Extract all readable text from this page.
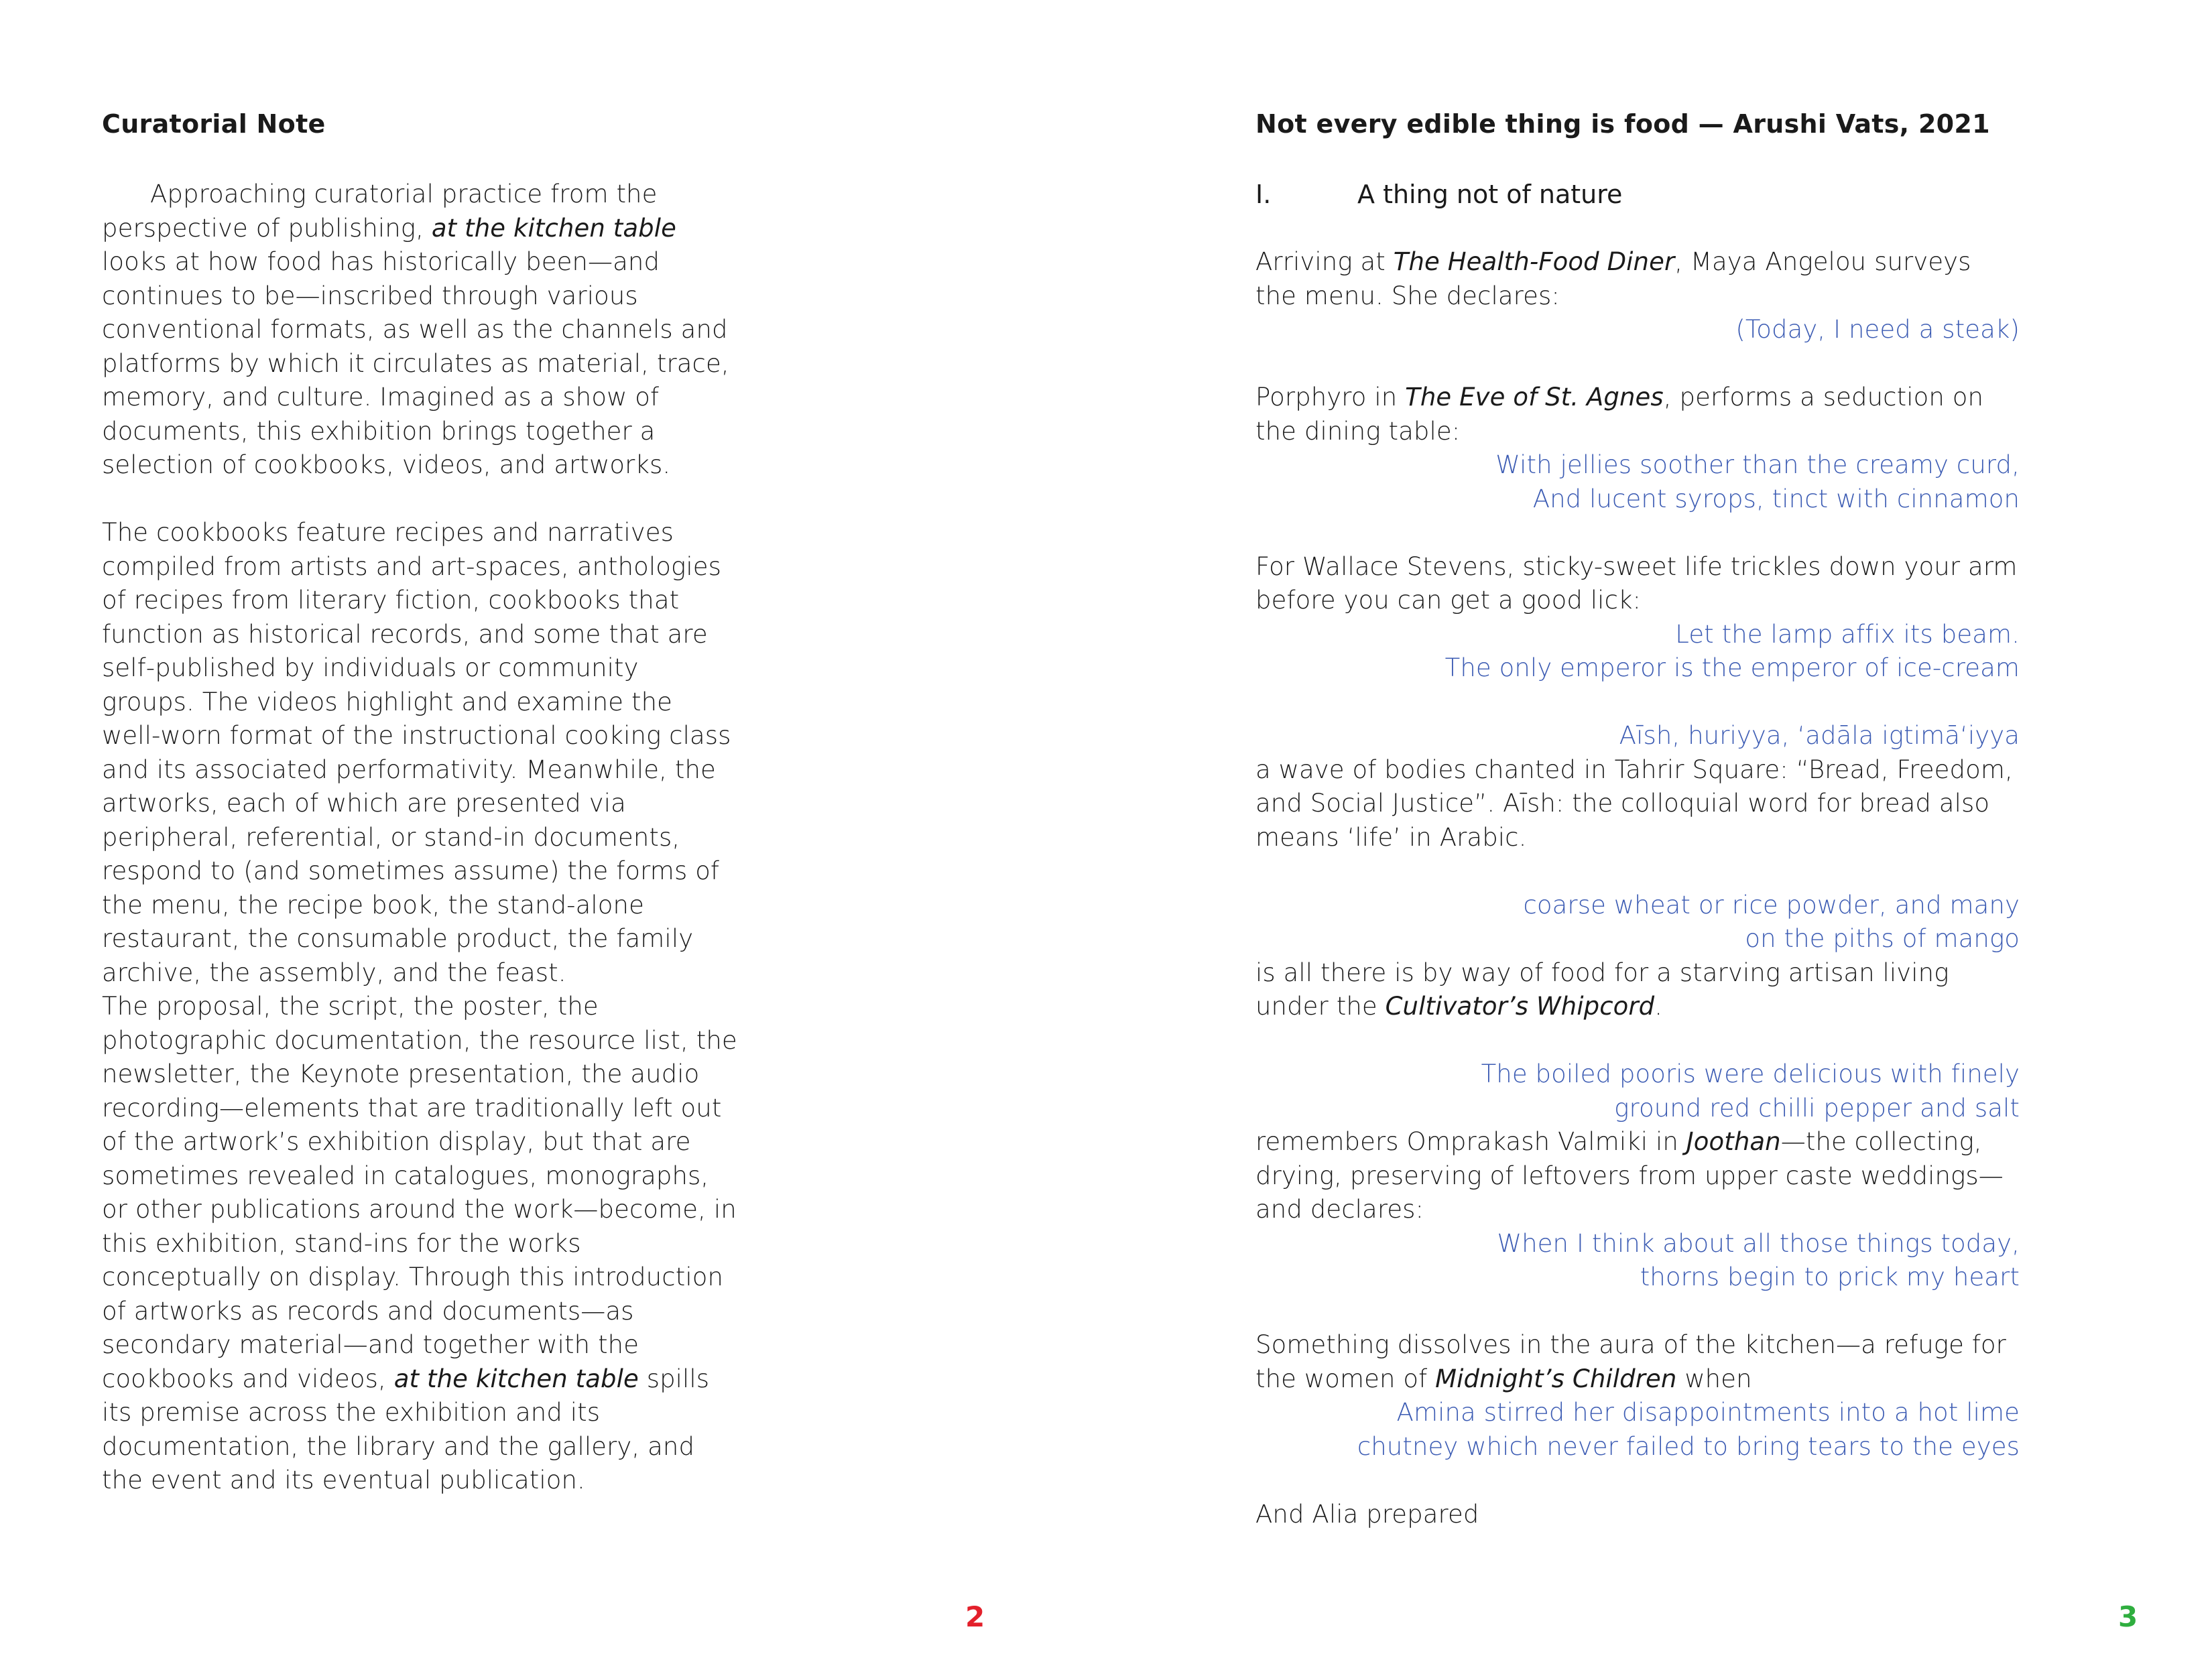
Curatorial Note

Approaching curatorial practice from the perspective of publishing, at the kitchen table looks at how food has historically been—and continues to be—inscribed through various conventional formats, as well as the channels and platforms by which it circulates as material, trace, memory, and culture. Imagined as a show of documents, this exhibition brings together a selection of cookbooks, videos, and artworks.

The cookbooks feature recipes and narratives compiled from artists and art-spaces, anthologies of recipes from literary fiction, cookbooks that function as historical records, and some that are self-published by individuals or community groups. The videos highlight and examine the well-worn format of the instructional cooking class and its associated performativity. Meanwhile, the artworks, each of which are presented via peripheral, referential, or stand-in documents, respond to (and sometimes assume) the forms of the menu, the recipe book, the stand-alone restaurant, the consumable product, the family archive, the assembly, and the feast.

The proposal, the script, the poster, the photographic documentation, the resource list, the newsletter, the Keynote presentation, the audio recording—elements that are traditionally left out of the artwork’s exhibition display, but that are sometimes revealed in catalogues, monographs, or other publications around the work—become, in this exhibition, stand-ins for the works conceptually on display. Through this introduction of artworks as records and documents—as secondary material—and together with the cookbooks and videos, at the kitchen table spills its premise across the exhibition and its documentation, the library and the gallery, and the event and its eventual publication.

Not every edible thing is food — Arushi Vats, 2021
I.	A thing not of nature

Arriving at The Health-Food Diner, Maya Angelou surveys the menu. She declares:

(Today, I need a steak)

Porphyro in The Eve of St. Agnes, performs a seduction on the dining table:

With jellies soother than the creamy curd,

And lucent syrops, tinct with cinnamon

For Wallace Stevens, sticky-sweet life trickles down your arm before you can get a good lick:

Let the lamp affix its beam.

The only emperor is the emperor of ice-cream

Aīsh, huriyya, ʻadāla igtimāʻiyya

a wave of bodies chanted in Tahrir Square: “Bread, Freedom, and Social Justice”. Aīsh: the colloquial word for bread also means ‘life’ in Arabic.

coarse wheat or rice powder, and many

on the piths of mango

is all there is by way of food for a starving artisan living under the Cultivator’s Whipcord.

The boiled pooris were delicious with finely

ground red chilli pepper and salt

remembers Omprakash Valmiki in Joothan—the collecting, drying, preserving of leftovers from upper caste weddings—and declares:

When I think about all those things today,

thorns begin to prick my heart

Something dissolves in the aura of the kitchen—a refuge for the women of Midnight’s Children when

Amina stirred her disappointments into a hot lime

chutney which never failed to bring tears to the eyes

And Alia prepared

2	3
